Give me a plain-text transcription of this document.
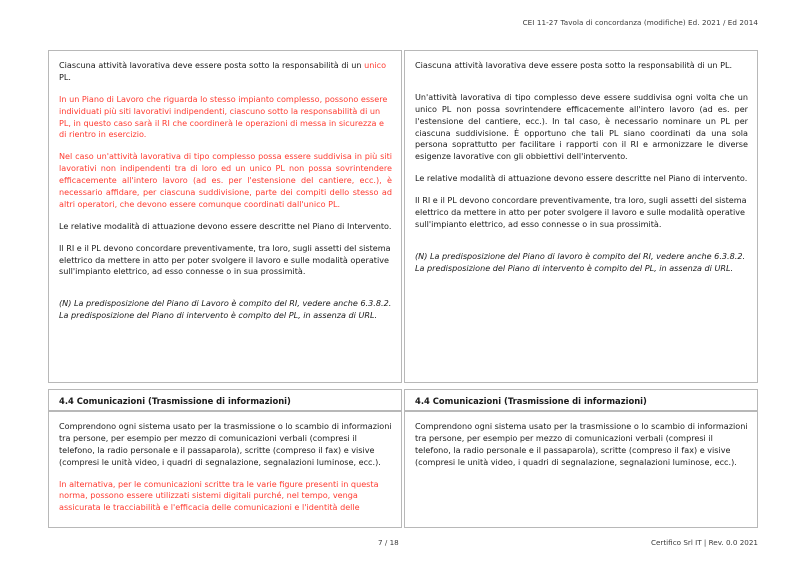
CEI 11-27 Tavola di concordanza (modifiche) Ed. 2021 / Ed 2014

Ciascuna attività lavorativa deve essere posta sotto la responsabilità di un unico PL.

In un Piano di Lavoro che riguarda lo stesso impianto complesso, possono essere individuati più siti lavorativi indipendenti, ciascuno sotto la responsabilità di un PL, in questo caso sarà il RI che coordinerà le operazioni di messa in sicurezza e di rientro in esercizio.

Nel caso un'attività lavorativa di tipo complesso possa essere suddivisa in più siti lavorativi non indipendenti tra di loro ed un unico PL non possa sovrintendere efficacemente all'intero lavoro (ad es. per l'estensione del cantiere, ecc.), è necessario affidare, per ciascuna suddivisione, parte dei compiti dello stesso ad altri operatori, che devono essere comunque coordinati dall'unico PL.

Le relative modalità di attuazione devono essere descritte nel Piano di Intervento.

Il RI e il PL devono concordare preventivamente, tra loro, sugli assetti del sistema elettrico da mettere in atto per poter svolgere il lavoro e sulle modalità operative sull'impianto elettrico, ad esso connesse o in sua prossimità.

(N) La predisposizione del Piano di Lavoro è compito del RI, vedere anche 6.3.8.2. La predisposizione del Piano di intervento è compito del PL, in assenza di URL.

Ciascuna attività lavorativa deve essere posta sotto la responsabilità di un PL.

Un'attività lavorativa di tipo complesso deve essere suddivisa ogni volta che un unico PL non possa sovrintendere efficacemente all'intero lavoro (ad es. per l'estensione del cantiere, ecc.). In tal caso, è necessario nominare un PL per ciascuna suddivisione. È opportuno che tali PL siano coordinati da una sola persona soprattutto per facilitare i rapporti con il RI e armonizzare le diverse esigenze lavorative con gli obbiettivi dell'intervento.

Le relative modalità di attuazione devono essere descritte nel Piano di intervento.

Il RI e il PL devono concordare preventivamente, tra loro, sugli assetti del sistema elettrico da mettere in atto per poter svolgere il lavoro e sulle modalità operative sull'impianto elettrico, ad esso connesse o in sua prossimità.

(N) La predisposizione del Piano di lavoro è compito del RI, vedere anche 6.3.8.2. La predisposizione del Piano di intervento è compito del PL, in assenza di URL.

4.4 Comunicazioni (Trasmissione di informazioni)	4.4 Comunicazioni (Trasmissione di informazioni)

Comprendono ogni sistema usato per la trasmissione o lo scambio di informazioni tra persone, per esempio per mezzo di comunicazioni verbali (compresi il telefono, la radio personale e il passaparola), scritte (compreso il fax) e visive (compresi le unità video, i quadri di segnalazione, segnalazioni luminose, ecc.).

In alternativa, per le comunicazioni scritte tra le varie figure presenti in questa norma, possono essere utilizzati sistemi digitali purché, nel tempo, venga assicurata le tracciabilità e l'efficacia delle comunicazioni e l'identità delle

Comprendono ogni sistema usato per la trasmissione o lo scambio di informazioni tra persone, per esempio per mezzo di comunicazioni verbali (compresi il telefono, la radio personale e il passaparola), scritte (compreso il fax) e visive (compresi le unità video, i quadri di segnalazione, segnalazioni luminose, ecc.).

7 / 18	Certifico Srl IT | Rev. 0.0 2021
